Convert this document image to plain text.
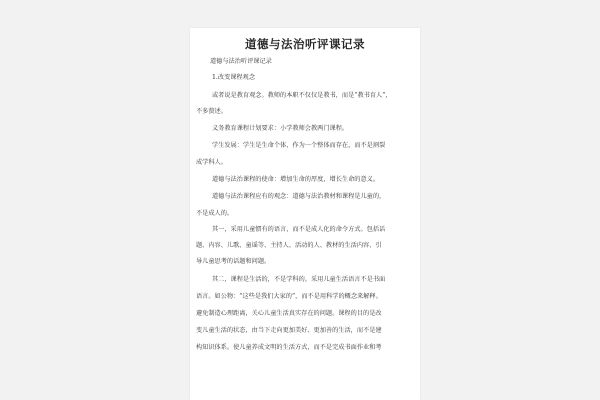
道德与法治听评课记录
道德与法治听评课记录
1.改变课程观念
或者说是教育观念。教师的本职不仅仅是教书，而是“教书育人”，
不多赘述。
义务教育课程计划要求：小学教师会教两门课程。
学生发展：学生是生命个体，作为一个整体而存在，而不是割裂
成学科人。
道德与法治课程的使命：增加生命的厚度，增长生命的意义。
道德与法治课程应有的观念：道德与法治教材和课程是儿童的，
不是成人的。
其一，采用儿童惯有的语言，而不是成人化的命令方式。包括话
题、内容、儿歌、童谣等、主持人、活动的人、教材的生活内容、引
导儿童思考的话题和问题。
其二，课程是生活的，不是学科的。采用儿童生活语言不是书面
语言。如公物：“这些是我们大家的”，而不是用科学的概念来解释。
避免制造心理距离，关心儿童生活真实存在的问题。课程的目的是改
变儿童生活的状态，由当下走向更加美好、更加善的生活，而不是建
构知识体系。使儿童养成文明的生活方式，而不是完成书面作业和考
